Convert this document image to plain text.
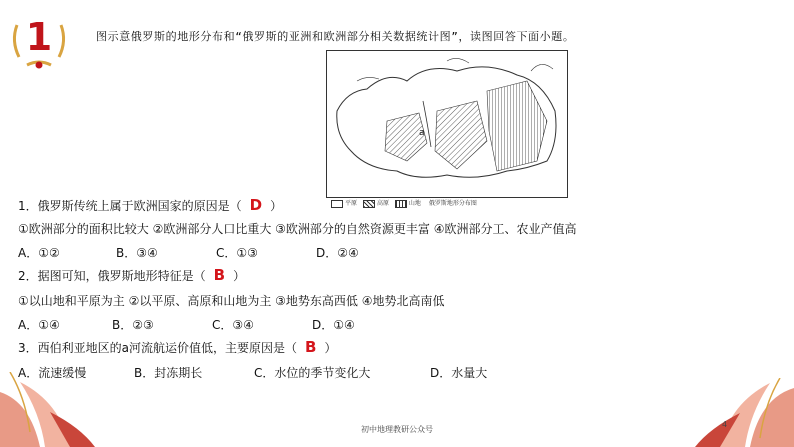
1	图示意俄罗斯的地形分布和“俄罗斯的亚洲和欧洲部分相关数据统计图”，读图回答下面小题。
a
平原	高原	山地 俄罗斯地形分布图
1．俄罗斯传统上属于欧洲国家的原因是（ D ）
①欧洲部分的面积比较大 ②欧洲部分人口比重大 ③欧洲部分的自然资源更丰富 ④欧洲部分工、农业产值高
A．①②	B．③④	C．①③	D．②④
2．据图可知，俄罗斯地形特征是（ B ）
①以山地和平原为主 ②以平原、高原和山地为主 ③地势东高西低 ④地势北高南低
A．①④	B．②③	C．③④	D．①④
3．西伯利亚地区的a河流航运价值低，主要原因是（ B ）
A．流速缓慢	B．封冻期长	C．水位的季节变化大	D．水量大
初中地理教研公众号
4
